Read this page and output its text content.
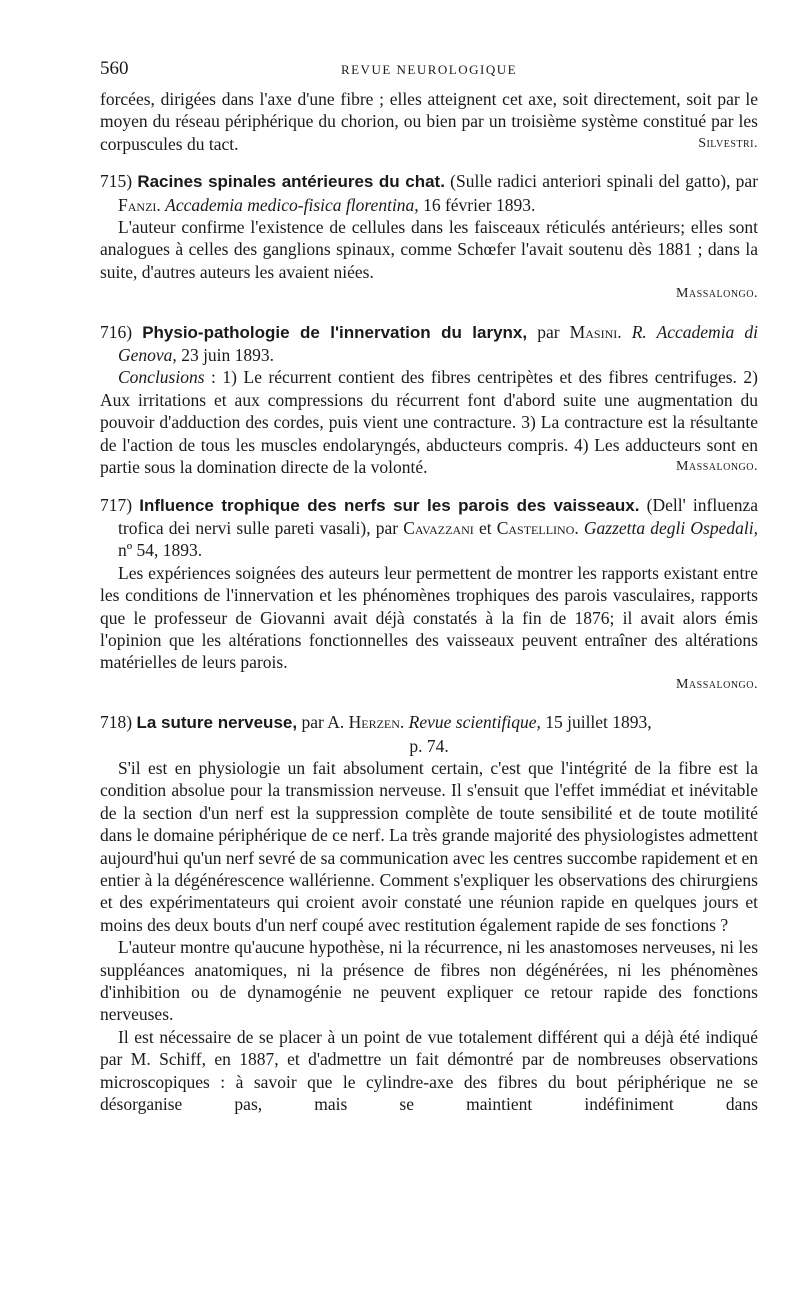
560	REVUE NEUROLOGIQUE

forcées, dirigées dans l'axe d'une fibre ; elles atteignent cet axe, soit directement, soit par le moyen du réseau périphérique du chorion, ou bien par un troisième système constitué par les corpuscules du tact.	Silvestri.

715) Racines spinales antérieures du chat. (Sulle radici anteriori spinali del gatto), par Fanzi. Accademia medico-fisica florentina, 16 février 1893.

L'auteur confirme l'existence de cellules dans les faisceaux réticulés antérieurs; elles sont analogues à celles des ganglions spinaux, comme Schœfer l'avait soutenu dès 1881 ; dans la suite, d'autres auteurs les avaient niées.

Massalongo.

716) Physio-pathologie de l'innervation du larynx, par Masini. R. Accademia di Genova, 23 juin 1893.

Conclusions : 1) Le récurrent contient des fibres centripètes et des fibres centrifuges. 2) Aux irritations et aux compressions du récurrent font d'abord suite une augmentation du pouvoir d'adduction des cordes, puis vient une contracture. 3) La contracture est la résultante de l'action de tous les muscles endolaryngés, abducteurs compris. 4) Les adducteurs sont en partie sous la domination directe de la volonté.	Massalongo.

717) Influence trophique des nerfs sur les parois des vaisseaux. (Dell' influenza trofica dei nervi sulle pareti vasali), par Cavazzani et Castellino. Gazzetta degli Ospedali, nº 54, 1893.

Les expériences soignées des auteurs leur permettent de montrer les rapports existant entre les conditions de l'innervation et les phénomènes trophiques des parois vasculaires, rapports que le professeur de Giovanni avait déjà constatés à la fin de 1876; il avait alors émis l'opinion que les altérations fonctionnelles des vaisseaux peuvent entraîner des altérations matérielles de leurs parois.

Massalongo.

718) La suture nerveuse, par A. Herzen. Revue scientifique, 15 juillet 1893,

p. 74.

S'il est en physiologie un fait absolument certain, c'est que l'intégrité de la fibre est la condition absolue pour la transmission nerveuse. Il s'ensuit que l'effet immédiat et inévitable de la section d'un nerf est la suppression complète de toute sensibilité et de toute motilité dans le domaine périphérique de ce nerf. La très grande majorité des physiologistes admettent aujourd'hui qu'un nerf sevré de sa communication avec les centres succombe rapidement et en entier à la dégénérescence wallérienne. Comment s'expliquer les observations des chirurgiens et des expérimentateurs qui croient avoir constaté une réunion rapide en quelques jours et moins des deux bouts d'un nerf coupé avec restitution également rapide de ses fonctions ?

L'auteur montre qu'aucune hypothèse, ni la récurrence, ni les anastomoses nerveuses, ni les suppléances anatomiques, ni la présence de fibres non dégénérées, ni les phénomènes d'inhibition ou de dynamogénie ne peuvent expliquer ce retour rapide des fonctions nerveuses.

Il est nécessaire de se placer à un point de vue totalement différent qui a déjà été indiqué par M. Schiff, en 1887, et d'admettre un fait démontré par de nombreuses observations microscopiques : à savoir que le cylindre-axe des fibres du bout périphérique ne se désorganise pas, mais se maintient indéfiniment dans
